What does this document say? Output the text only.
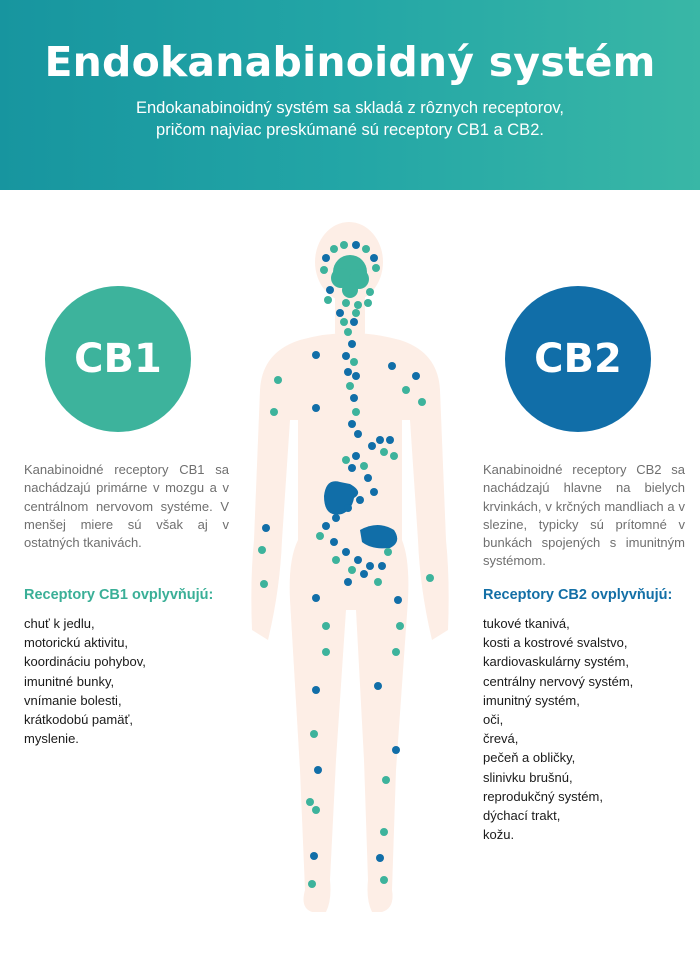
Endokanabinoidný systém
Endokanabinoidný systém sa skladá z rôznych receptorov,
pričom najviac preskúmané sú receptory CB1 a CB2.
CB1	CB2
Kanabinoidné receptory CB1 sa nachádzajú primárne v mozgu a v centrálnom nervovom systéme. V menšej miere sú však aj v ostatných tkanivách.
Kanabinoidné receptory CB2 sa nachádzajú hlavne na bielych krvinkách, v krčných mandliach a v slezine, typicky sú prítomné v bunkách spojených s imunitným systémom.
Receptory CB1 ovplyvňujú:	Receptory CB2 ovplyvňujú:
chuť k jedlu,
motorickú aktivitu,
koordináciu pohybov,
imunitné bunky,
vnímanie bolesti,
krátkodobú pamäť,
myslenie.
tukové tkanivá,
kosti a kostrové svalstvo,
kardiovaskulárny systém,
centrálny nervový systém,
imunitný systém,
oči,
črevá,
pečeň a obličky,
slinivku brušnú,
reprodukčný systém,
dýchací trakt,
kožu.
